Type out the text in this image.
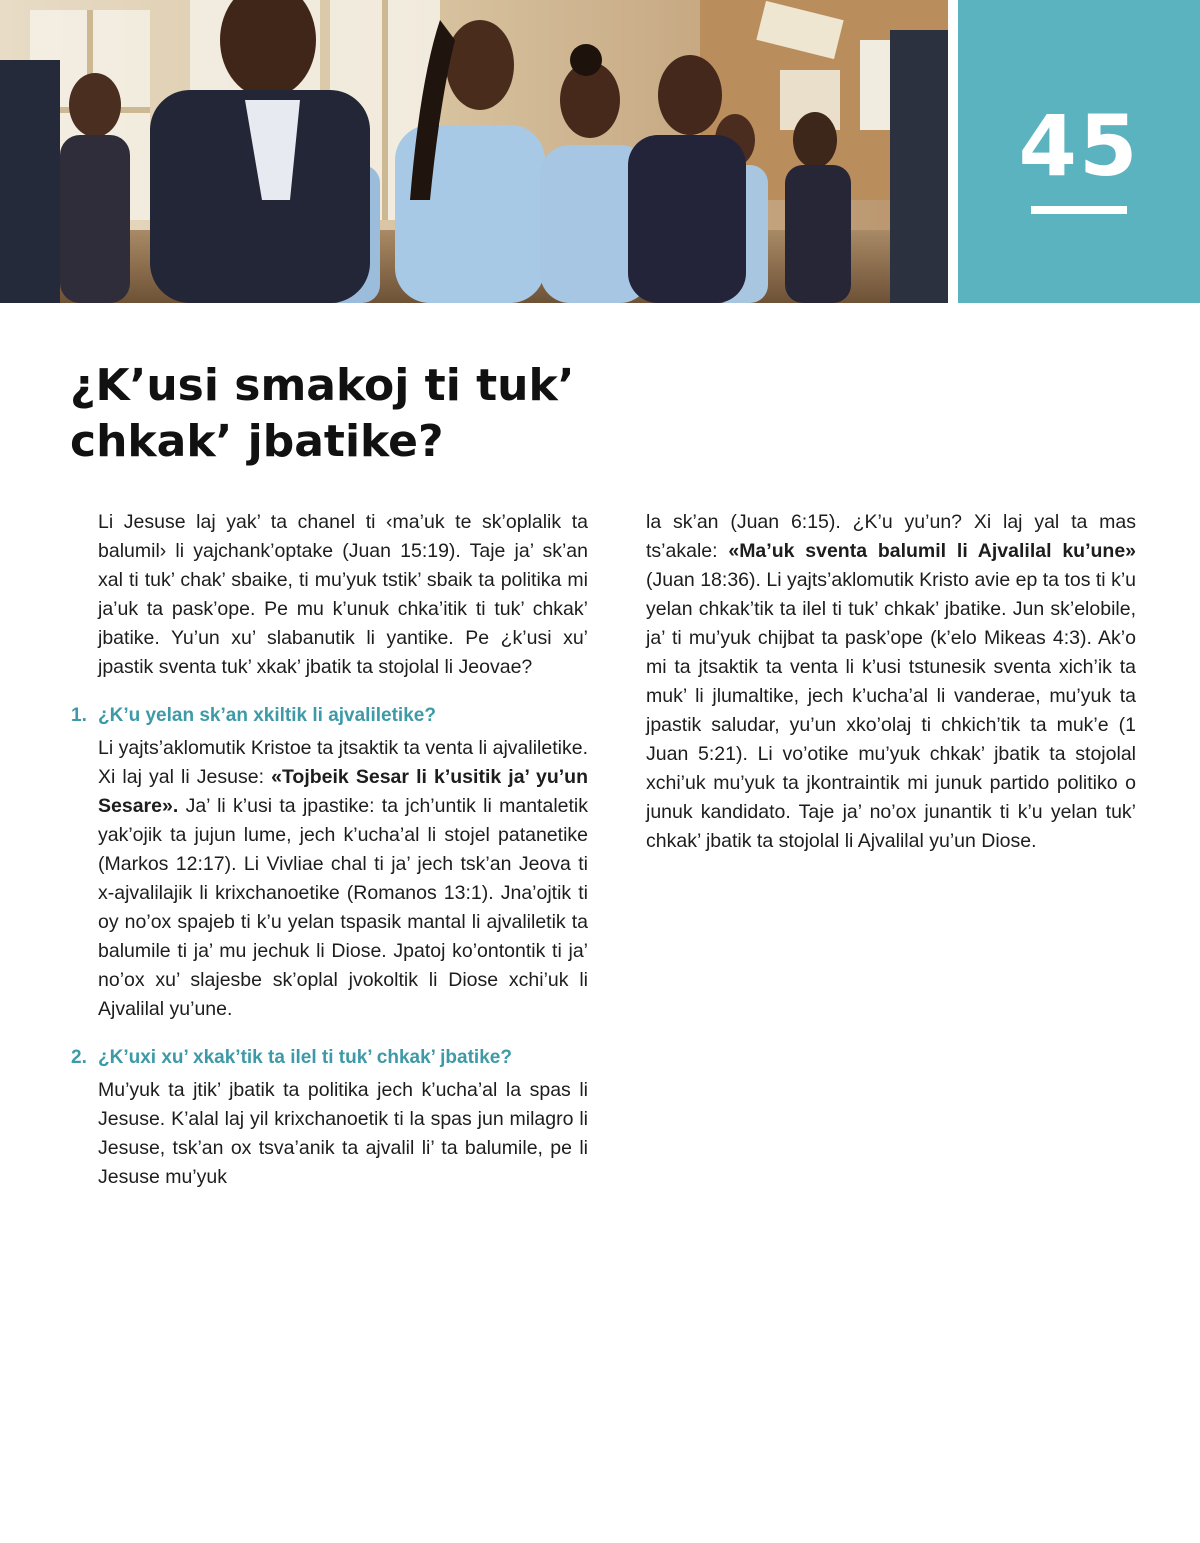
45
¿K’usi smakoj ti tuk’ chkak’ jbatike?

Li Jesuse laj yak’ ta chanel ti ‹ma’uk te sk’oplalik ta balumil› li yajchank’optake (Juan 15:19). Taje ja’ sk’an xal ti tuk’ chak’ sbaike, ti mu’yuk tstik’ sbaik ta politika mi ja’uk ta pask’ope. Pe mu k’unuk chka’itik ti tuk’ chkak’ jbatike. Yu’un xu’ slabanutik li yantike. Pe ¿k’usi xu’ jpastik sventa tuk’ xkak’ jbatik ta stojolal li Jeovae?

1. ¿K’u yelan sk’an xkiltik li ajvaliletike?

Li yajts’aklomutik Kristoe ta jtsaktik ta venta li ajvaliletike. Xi laj yal li Jesuse: «Tojbeik Sesar li k’usitik ja’ yu’un Sesare». Ja’ li k’usi ta jpastike: ta jch’untik li mantaletik yak’ojik ta jujun lume, jech k’ucha’al li stojel patanetike (Markos 12:17). Li Vivliae chal ti ja’ jech tsk’an Jeova ti x-ajvalilajik li krixchanoetike (Romanos 13:1). Jna’ojtik ti oy no’ox spajeb ti k’u yelan tspasik mantal li ajvaliletik ta balumile ti ja’ mu jechuk li Diose. Jpatoj ko’ontontik ti ja’ no’ox xu’ slajesbe sk’oplal jvokoltik li Diose xchi’uk li Ajvalilal yu’une.

2. ¿K’uxi xu’ xkak’tik ta ilel ti tuk’ chkak’ jbatike?

Mu’yuk ta jtik’ jbatik ta politika jech k’ucha’al la spas li Jesuse. K’alal laj yil krixchanoetik ti la spas jun milagro li Jesuse, tsk’an ox tsva’anik ta ajvalil li’ ta balumile, pe li Jesuse mu’yuk

la sk’an (Juan 6:15). ¿K’u yu’un? Xi laj yal ta mas ts’akale: «Ma’uk sventa balumil li Ajvalilal ku’une» (Juan 18:36). Li yajts’aklomutik Kristo avie ep ta tos ti k’u yelan chkak’tik ta ilel ti tuk’ chkak’ jbatike. Jun sk’elobile, ja’ ti mu’yuk chijbat ta pask’ope (k’elo Mikeas 4:3). Ak’o mi ta jtsaktik ta venta li k’usi tstunesik sventa xich’ik ta muk’ li jlumaltike, jech k’ucha’al li vanderae, mu’yuk ta jpastik saludar, yu’un xko’olaj ti chkich’tik ta muk’e (1 Juan 5:21). Li vo’otike mu’yuk chkak’ jbatik ta stojolal xchi’uk mu’yuk ta jkontraintik mi junuk partido politiko o junuk kandidato. Taje ja’ no’ox junantik ti k’u yelan tuk’ chkak’ jbatik ta stojolal li Ajvalilal yu’un Diose.
